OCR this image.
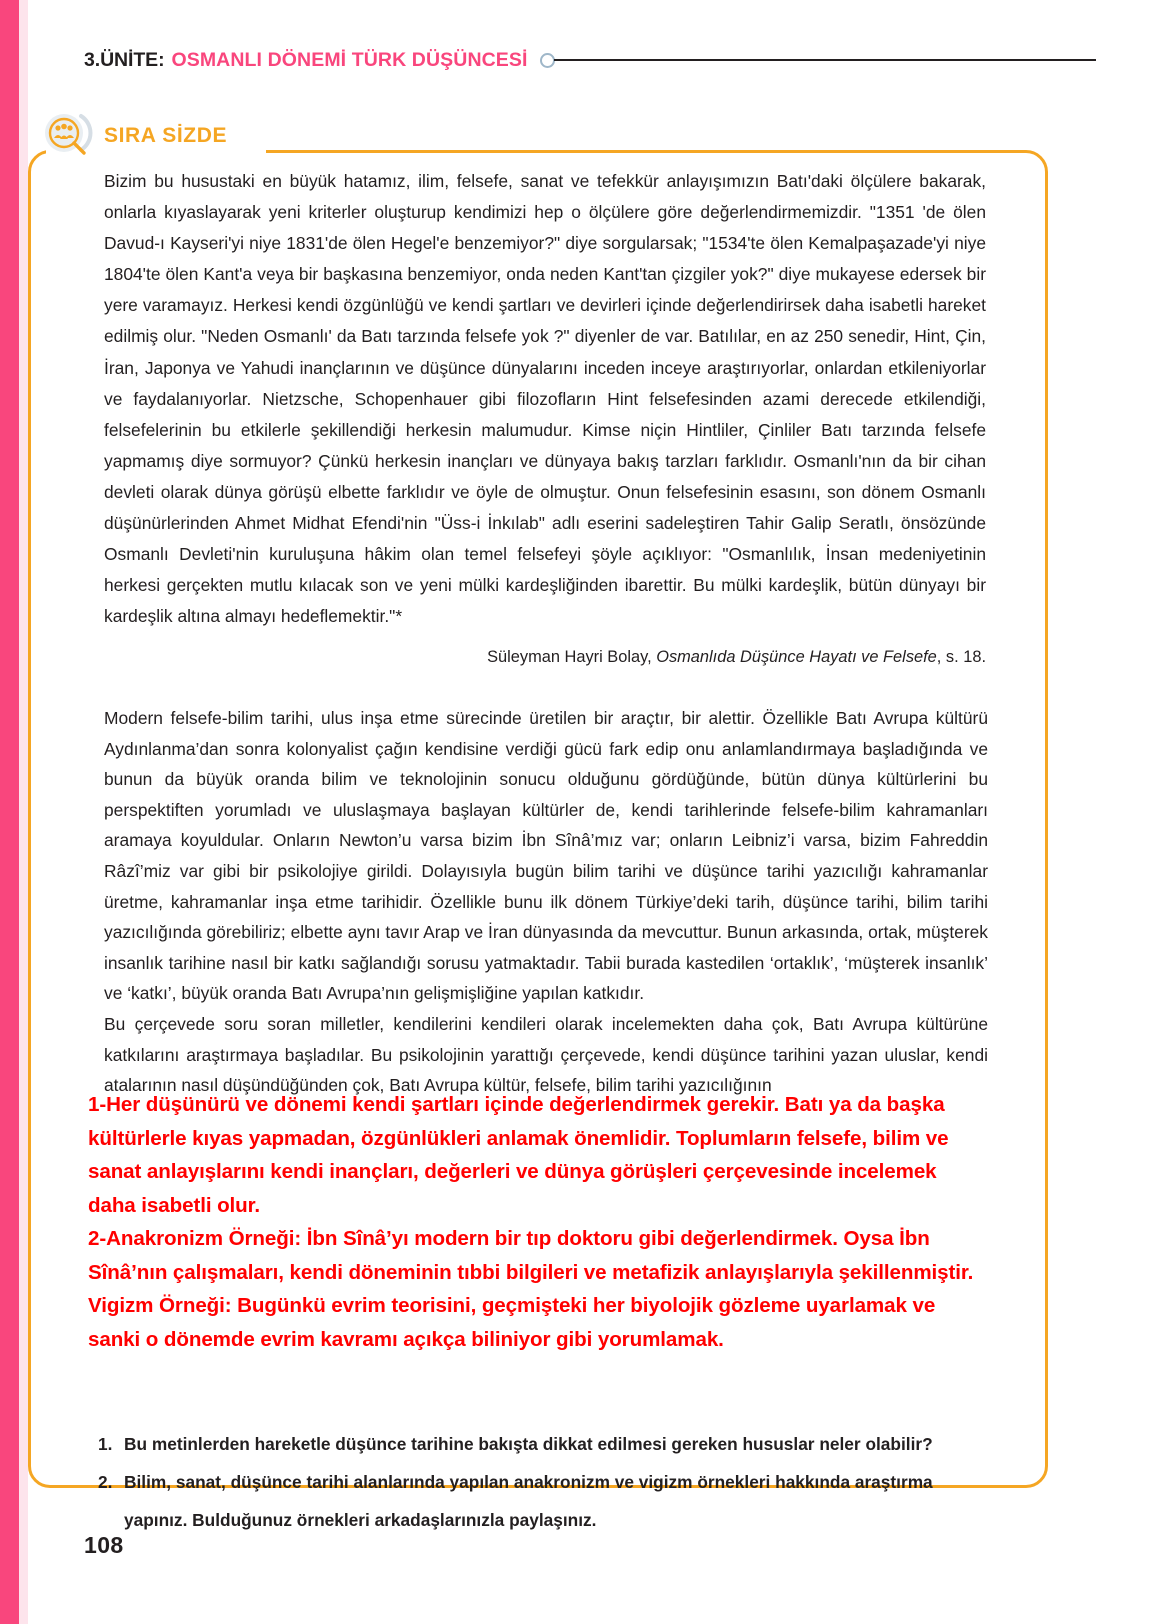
3.ÜNİTE: OSMANLI DÖNEMİ TÜRK DÜŞÜNCESİ
SIRA SİZDE

Bizim bu husustaki en büyük hatamız, ilim, felsefe, sanat ve tefekkür anlayışımızın Batı'daki ölçülere bakarak, onlarla kıyaslayarak yeni kriterler oluşturup kendimizi hep o ölçülere göre değerlendirmemizdir. "1351 'de ölen Davud-ı Kayseri'yi niye 1831'de ölen Hegel'e benzemiyor?" diye sorgularsak; "1534'te ölen Kemalpaşazade'yi niye 1804'te ölen Kant'a veya bir başkasına benzemiyor, onda neden Kant'tan çizgiler yok?" diye mukayese edersek bir yere varamayız. Herkesi kendi özgünlüğü ve kendi şartları ve devirleri içinde değerlendirirsek daha isabetli hareket edilmiş olur. "Neden Osmanlı' da Batı tarzında felsefe yok ?" diyenler de var. Batılılar, en az 250 senedir, Hint, Çin, İran, Japonya ve Yahudi inançlarının ve düşünce dünyalarını inceden inceye araştırıyorlar, onlardan etkileniyorlar ve faydalanıyorlar. Nietzsche, Schopenhauer gibi filozofların Hint felsefesinden azami derecede etkilendiği, felsefelerinin bu etkilerle şekillendiği herkesin malumudur. Kimse niçin Hintliler, Çinliler Batı tarzında felsefe yapmamış diye sormuyor? Çünkü herkesin inançları ve dünyaya bakış tarzları farklıdır. Osmanlı'nın da bir cihan devleti olarak dünya görüşü elbette farklıdır ve öyle de olmuştur. Onun felsefesinin esasını, son dönem Osmanlı düşünürlerinden Ahmet Midhat Efendi'nin "Üss-i İnkılab" adlı eserini sadeleştiren Tahir Galip Seratlı, önsözünde Osmanlı Devleti'nin kuruluşuna hâkim olan temel felsefeyi şöyle açıklıyor: "Osmanlılık, İnsan medeniyetinin herkesi gerçekten mutlu kılacak son ve yeni mülki kardeşliğinden ibarettir. Bu mülki kardeşlik, bütün dünyayı bir kardeşlik altına almayı hedeflemektir."*

Süleyman Hayri Bolay, Osmanlıda Düşünce Hayatı ve Felsefe, s. 18.

Modern felsefe-bilim tarihi, ulus inşa etme sürecinde üretilen bir araçtır, bir alettir. Özellikle Batı Avrupa kültürü Aydınlanma’dan sonra kolonyalist çağın kendisine verdiği gücü fark edip onu anlamlandırmaya başladığında ve bunun da büyük oranda bilim ve teknolojinin sonucu olduğunu gördüğünde, bütün dünya kültürlerini bu perspektiften yorumladı ve uluslaşmaya başlayan kültürler de, kendi tarihlerinde felsefe-bilim kahramanları aramaya koyuldular. Onların Newton’u varsa bizim İbn Sînâ’mız var; onların Leibniz’i varsa, bizim Fahreddin Râzî’miz var gibi bir psikolojiye girildi. Dolayısıyla bugün bilim tarihi ve düşünce tarihi yazıcılığı kahramanlar üretme, kahramanlar inşa etme tarihidir. Özellikle bunu ilk dönem Türkiye’deki tarih, düşünce tarihi, bilim tarihi yazıcılığında görebiliriz; elbette aynı tavır Arap ve İran dünyasında da mevcuttur. Bunun arkasında, ortak, müşterek insanlık tarihine nasıl bir katkı sağlandığı sorusu yatmaktadır. Tabii burada kastedilen ‘ortaklık’, ‘müşterek insanlık’ ve ‘katkı’, büyük oranda Batı Avrupa’nın gelişmişliğine yapılan katkıdır.

Bu çerçevede soru soran milletler, kendilerini kendileri olarak incelemekten daha çok, Batı Avrupa kültürüne katkılarını araştırmaya başladılar. Bu psikolojinin yarattığı çerçevede, kendi düşünce tarihini yazan uluslar, kendi atalarının nasıl düşündüğünden çok, Batı Avrupa kültür, felsefe, bilim tarihi yazıcılığının

1-Her düşünürü ve dönemi kendi şartları içinde değerlendirmek gerekir. Batı ya da başka kültürlerle kıyas yapmadan, özgünlükleri anlamak önemlidir. Toplumların felsefe, bilim ve sanat anlayışlarını kendi inançları, değerleri ve dünya görüşleri çerçevesinde incelemek daha isabetli olur.

2-Anakronizm Örneği: İbn Sînâ’yı modern bir tıp doktoru gibi değerlendirmek. Oysa İbn Sînâ’nın çalışmaları, kendi döneminin tıbbi bilgileri ve metafizik anlayışlarıyla şekillenmiştir.

Vigizm Örneği: Bugünkü evrim teorisini, geçmişteki her biyolojik gözleme uyarlamak ve sanki o dönemde evrim kavramı açıkça biliniyor gibi yorumlamak.

1. Bu metinlerden hareketle düşünce tarihine bakışta dikkat edilmesi gereken hususlar neler olabilir?
2. Bilim, sanat, düşünce tarihi alanlarında yapılan anakronizm ve vigizm örnekleri hakkında araştırma yapınız. Bulduğunuz örnekleri arkadaşlarınızla paylaşınız.
108
